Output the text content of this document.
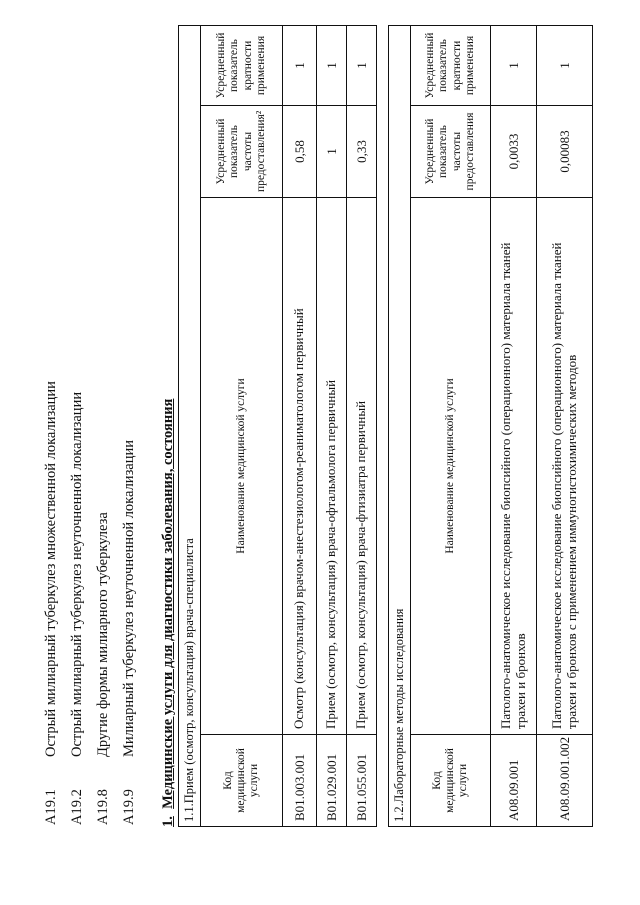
A19.1
Острый милиарный туберкулез множественной локализации
A19.2
Острый милиарный туберкулез неуточненной локализации
A19.8
Другие формы милиарного туберкулеза
A19.9
Милиарный туберкулез неуточненной локализации
1.  Медицинские услуги для диагностики заболевания, состояния 1.1.Прием (осмотр, консультация) врача-специалиста			
Код медицинской услуги	Наименование медицинской услуги	Усредненный показатель частоты предоставления²	Усредненный показатель кратности применения
B01.003.001	Осмотр (консультация) врачом-анестезиологом-реаниматологом первичный	0,58	1
B01.029.001	Прием (осмотр, консультация) врача-офтальмолога первичный	1	1
B01.055.001	Прием (осмотр, консультация) врача-фтизиатра первичный	0,33	1
1.2.Лабораторные методы исследования			
Код медицинской услуги	Наименование медицинской услуги	Усредненный показатель частоты предоставления	Усредненный показатель кратности применения
A08.09.001	Патолого-анатомическое исследование биопсийного (операционного) материала тканей трахеи и бронхов	0,0033	1
A08.09.001.002	Патолого-анатомическое исследование биопсийного (операционного) материала тканей трахеи и бронхов с применением иммуногистохимических методов	0,00083	1
